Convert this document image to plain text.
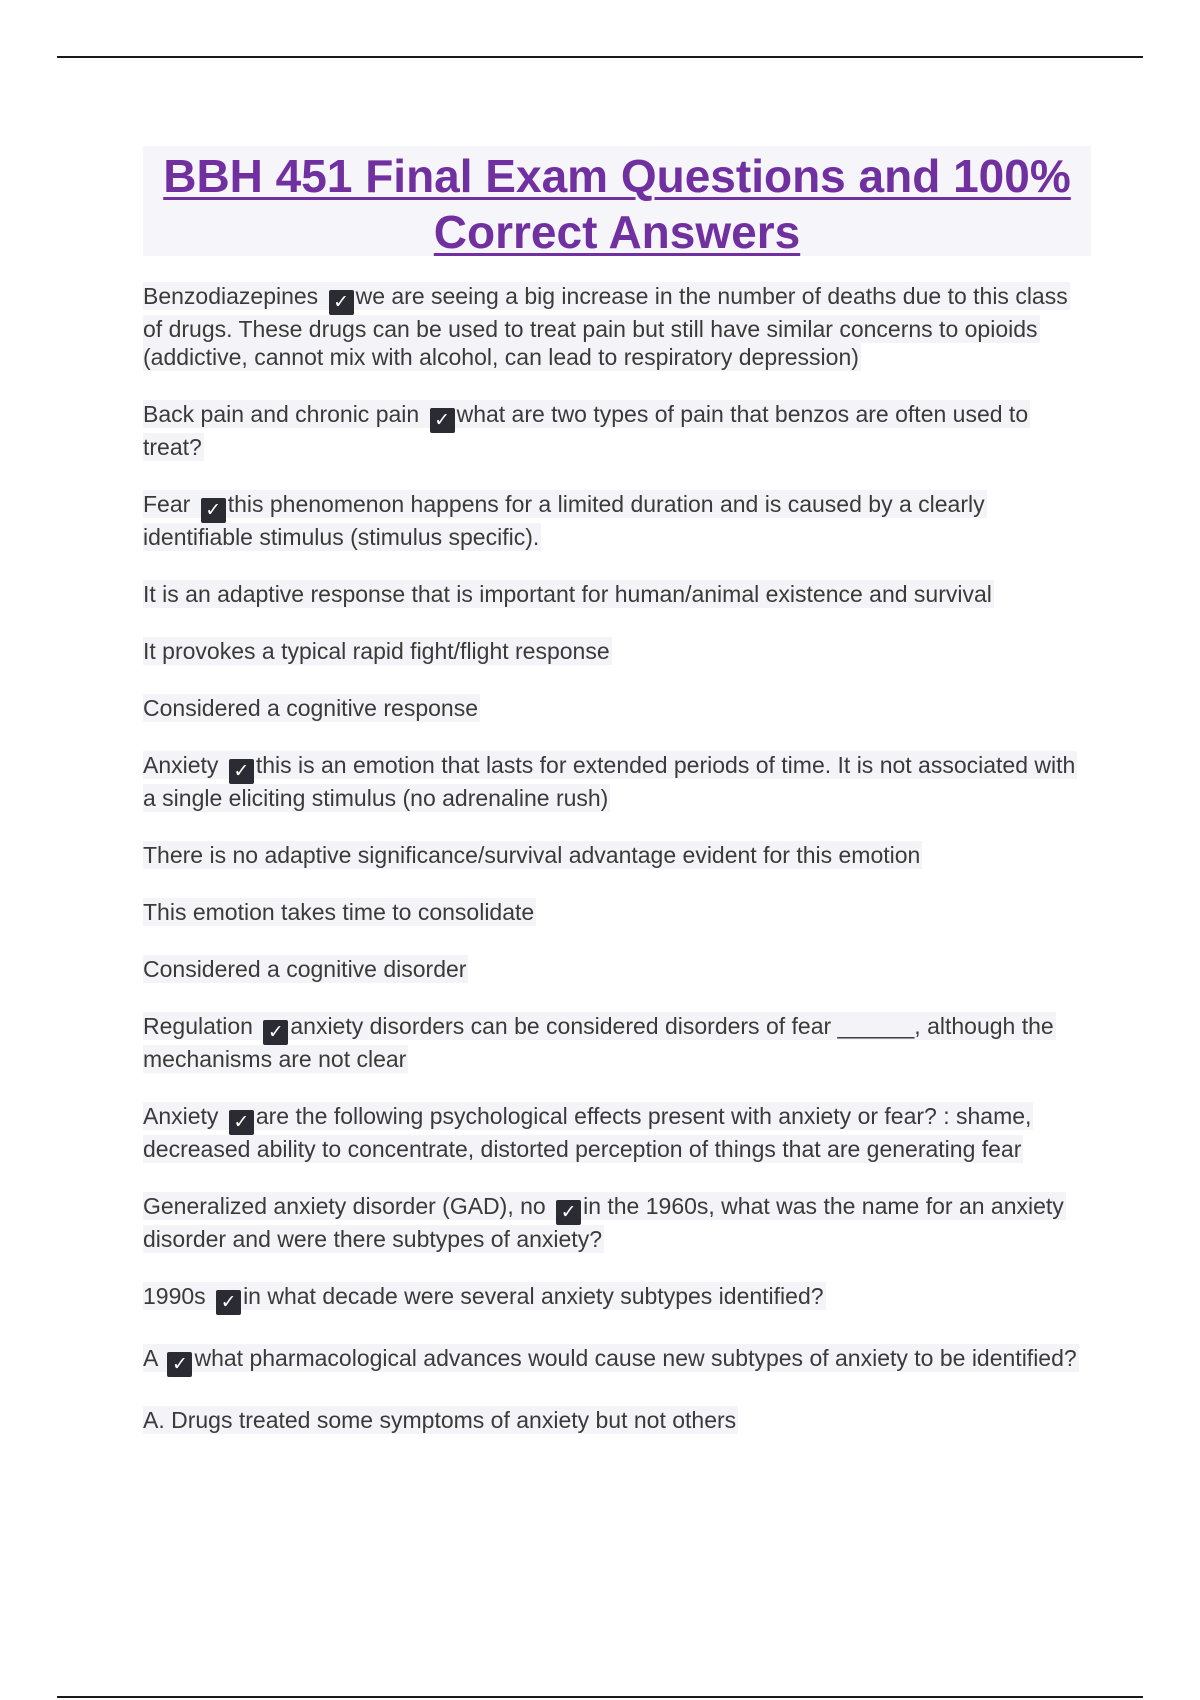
BBH 451 Final Exam Questions and 100% Correct Answers

Benzodiazepines ✓ we are seeing a big increase in the number of deaths due to this class of drugs. These drugs can be used to treat pain but still have similar concerns to opioids (addictive, cannot mix with alcohol, can lead to respiratory depression)

Back pain and chronic pain ✓ what are two types of pain that benzos are often used to treat?

Fear ✓ this phenomenon happens for a limited duration and is caused by a clearly identifiable stimulus (stimulus specific).

It is an adaptive response that is important for human/animal existence and survival

It provokes a typical rapid fight/flight response

Considered a cognitive response

Anxiety ✓ this is an emotion that lasts for extended periods of time. It is not associated with a single eliciting stimulus (no adrenaline rush)

There is no adaptive significance/survival advantage evident for this emotion

This emotion takes time to consolidate

Considered a cognitive disorder

Regulation ✓ anxiety disorders can be considered disorders of fear ______, although the mechanisms are not clear

Anxiety ✓ are the following psychological effects present with anxiety or fear? : shame, decreased ability to concentrate, distorted perception of things that are generating fear

Generalized anxiety disorder (GAD), no ✓ in the 1960s, what was the name for an anxiety disorder and were there subtypes of anxiety?

1990s ✓ in what decade were several anxiety subtypes identified?

A ✓ what pharmacological advances would cause new subtypes of anxiety to be identified?

A. Drugs treated some symptoms of anxiety but not others
